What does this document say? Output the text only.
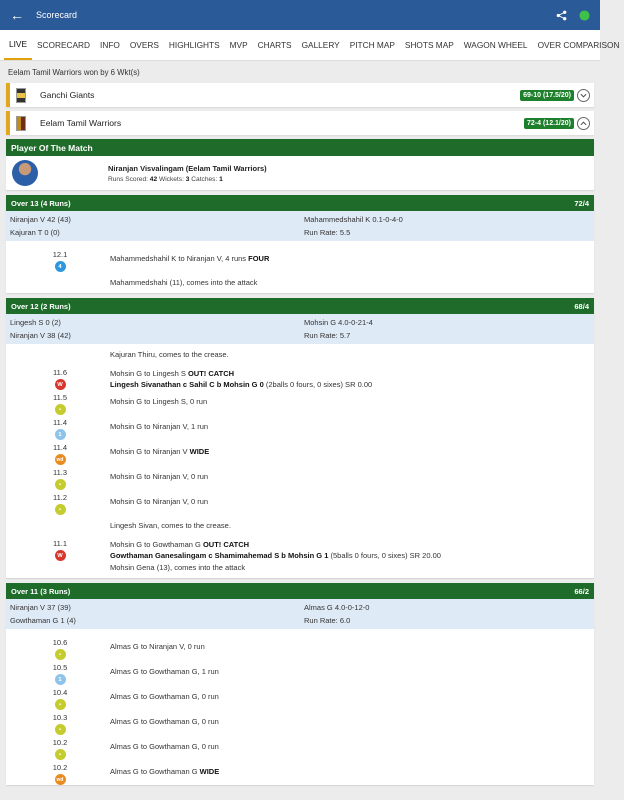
←	Scorecard
LIVE	SCORECARD	INFO	OVERS	HIGHLIGHTS	MVP	CHARTS	GALLERY	PITCH MAP	SHOTS MAP	WAGON WHEEL	OVER COMPARISON
Eelam Tamil Warriors won by 6 Wkt(s)
Ganchi Giants	69-10 (17.5/20)
Eelam Tamil Warriors	72-4 (12.1/20)
Player Of The Match
Niranjan Visvalingam (Eelam Tamil Warriors)
Runs Scored: 42 Wickets: 3 Catches: 1
Over 13 (4 Runs)	72/4
Niranjan V 42 (43)	Mahammedshahil K 0.1-0-4-0
Kajuran T 0 (0)	Run Rate: 5.5
12.1
4
Mahammedshahil K to Niranjan V, 4 runs FOUR
Mahammedshahi (11), comes into the attack
Over 12 (2 Runs)	68/4
Lingesh S 0 (2)	Mohsin G 4.0-0-21-4
Niranjan V 38 (42)	Run Rate: 5.7
Kajuran Thiru, comes to the crease.
11.6
W
Mohsin G to Lingesh S OUT! CATCH
Lingesh Sivanathan c Sahil C b Mohsin G 0 (2balls 0 fours, 0 sixes) SR 0.00
11.5
•
Mohsin G to Lingesh S, 0 run
11.4
1
Mohsin G to Niranjan V, 1 run
11.4
wd
Mohsin G to Niranjan V WIDE
11.3
•
Mohsin G to Niranjan V, 0 run
11.2
•
Mohsin G to Niranjan V, 0 run
Lingesh Sivan, comes to the crease.
11.1
W
Mohsin G to Gowthaman G OUT! CATCH
Gowthaman Ganesalingam c Shamimahemad S b Mohsin G 1 (5balls 0 fours, 0 sixes) SR 20.00
Mohsin Gena (13), comes into the attack
Over 11 (3 Runs)	66/2
Niranjan V 37 (39)	Almas G 4.0-0-12-0
Gowthaman G 1 (4)	Run Rate: 6.0
10.6
•
Almas G to Niranjan V, 0 run
10.5
1
Almas G to Gowthaman G, 1 run
10.4
•
Almas G to Gowthaman G, 0 run
10.3
•
Almas G to Gowthaman G, 0 run
10.2
•
Almas G to Gowthaman G, 0 run
10.2
wd
Almas G to Gowthaman G WIDE
